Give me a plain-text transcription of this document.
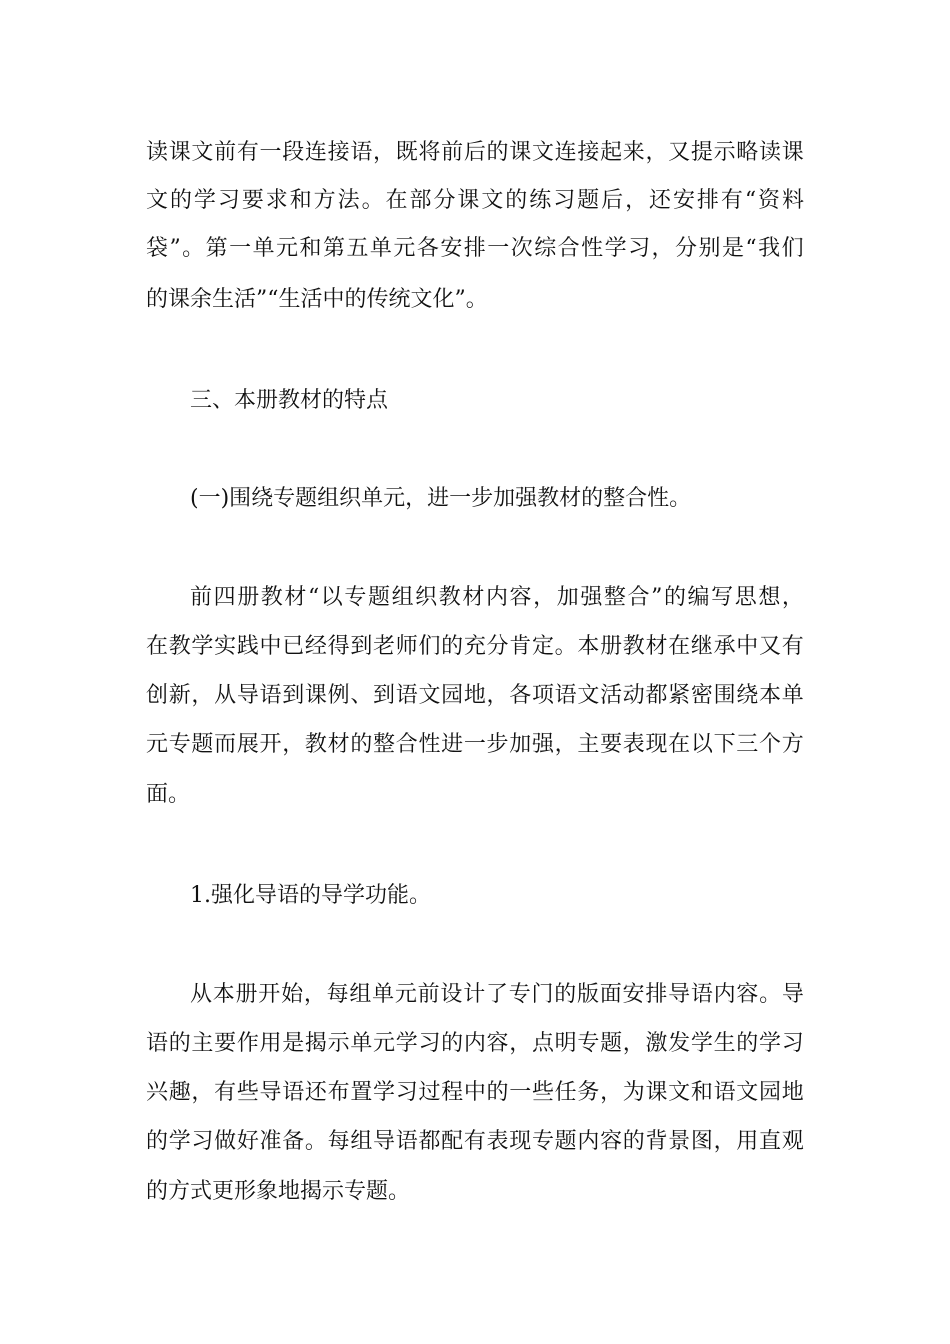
读 课 文 前 有 一 段 连 接 语 ， 既 将 前 后 的 课 文 连 接 起 来 ， 又 提 示 略 读 课
文 的 学 习 要 求 和 方 法 。 在 部 分 课 文 的 练 习 题 后 ， 还 安 排 有 “ 资 料
袋 ” 。 第 一 单 元 和 第 五 单 元 各 安 排 一 次 综 合 性 学 习 ， 分 别 是 “ 我 们
的课余生活”“生活中的传统文化”。
三、本册教材的特点
(一)围绕专题组织单元，进一步加强教材的整合性。
前 四 册 教 材 “ 以 专 题 组 织 教 材 内 容 ， 加 强 整 合 ” 的 编 写 思 想 ，
在 教 学 实 践 中 已 经 得 到 老 师 们 的 充 分 肯 定 。 本 册 教 材 在 继 承 中 又 有
创 新 ， 从 导 语 到 课 例 、 到 语 文 园 地 ， 各 项 语 文 活 动 都 紧 密 围 绕 本 单
元 专 题 而 展 开 ， 教 材 的 整 合 性 进 一 步 加 强 ， 主 要 表 现 在 以 下 三 个 方
面。
1.强化导语的导学功能。
从 本 册 开 始 ， 每 组 单 元 前 设 计 了 专 门 的 版 面 安 排 导 语 内 容 。 导
语 的 主 要 作 用 是 揭 示 单 元 学 习 的 内 容 ， 点 明 专 题 ， 激 发 学 生 的 学 习
兴 趣 ， 有 些 导 语 还 布 置 学 习 过 程 中 的 一 些 任 务 ， 为 课 文 和 语 文 园 地
的 学 习 做 好 准 备 。 每 组 导 语 都 配 有 表 现 专 题 内 容 的 背 景 图 ， 用 直 观
的方式更形象地揭示专题。
